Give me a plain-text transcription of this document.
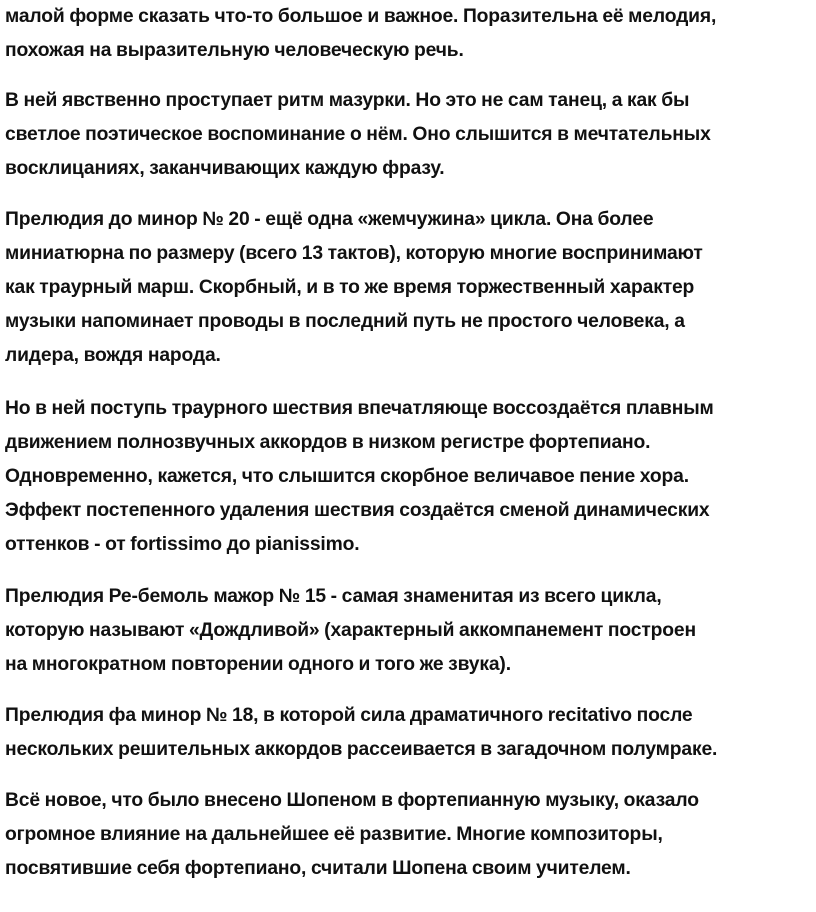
малой форме сказать что-то большое и важное. Поразительна её мелодия,
похожая на выразительную человеческую речь.

В ней явственно проступает ритм мазурки. Но это не сам танец, а как бы
светлое поэтическое воспоминание о нём. Оно слышится в мечтательных
восклицаниях, заканчивающих каждую фразу.

Прелюдия до минор № 20 - ещё одна «жемчужина» цикла. Она более
миниатюрна по размеру (всего 13 тактов), которую многие воспринимают
как траурный марш. Скорбный, и в то же время торжественный характер
музыки напоминает проводы в последний путь не простого человека, а
лидера, вождя народа.

Но в ней поступь траурного шествия впечатляюще воссоздаётся плавным
движением полнозвучных аккордов в низком регистре фортепиано.
Одновременно, кажется, что слышится скорбное величавое пение хора.
Эффект постепенного удаления шествия создаётся сменой динамических
оттенков - от fortissimo до pianissimo.

Прелюдия Ре-бемоль мажор № 15 - самая знаменитая из всего цикла,
которую называют «Дождливой» (характерный аккомпанемент построен
на многократном повторении одного и того же звука).

Прелюдия фа минор № 18, в которой сила драматичного recitativo после
нескольких решительных аккордов рассеивается в загадочном полумраке.

Всё новое, что было внесено Шопеном в фортепианную музыку, оказало
огромное влияние на дальнейшее её развитие. Многие композиторы,
посвятившие себя фортепиано, считали Шопена своим учителем.
